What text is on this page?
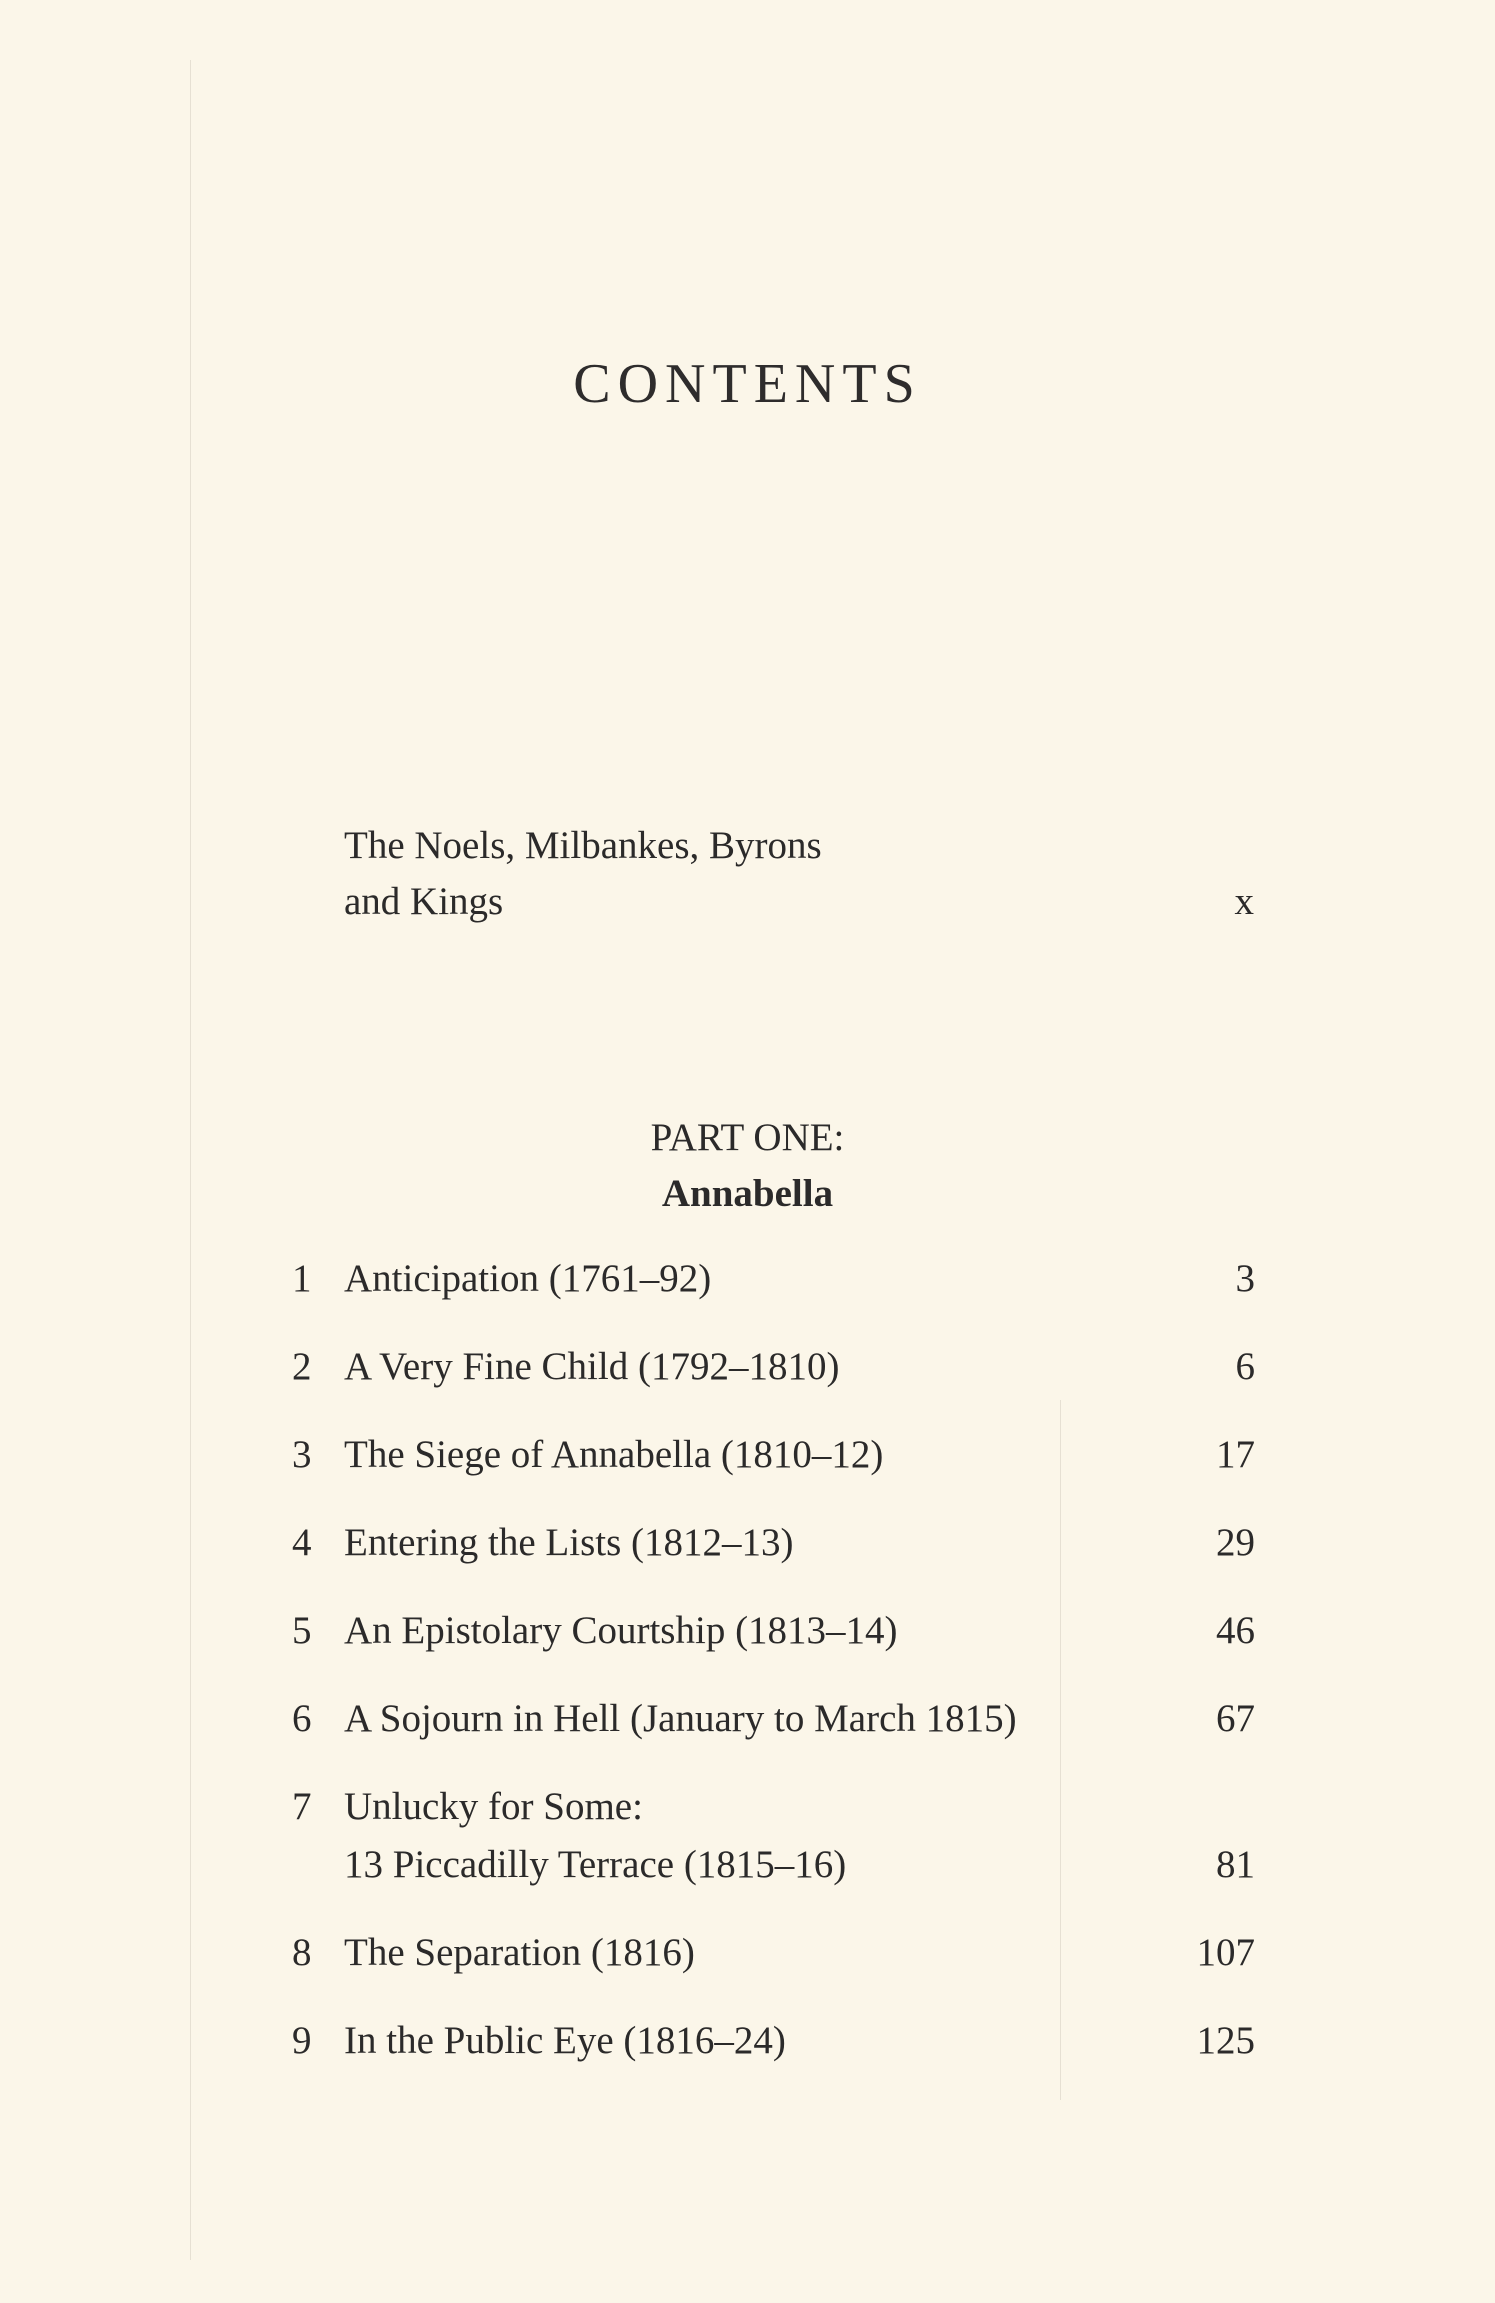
CONTENTS
The Noels, Milbankes, Byrons
and Kings	x
PART ONE:
Annabella
1 Anticipation (1761–92)	3
2 A Very Fine Child (1792–1810)	6
3 The Siege of Annabella (1810–12)	17
4 Entering the Lists (1812–13)	29
5 An Epistolary Courtship (1813–14)	46
6 A Sojourn in Hell (January to March 1815)	67
7 Unlucky for Some:
13 Piccadilly Terrace (1815–16)	81
8 The Separation (1816)	107
9 In the Public Eye (1816–24)	125
